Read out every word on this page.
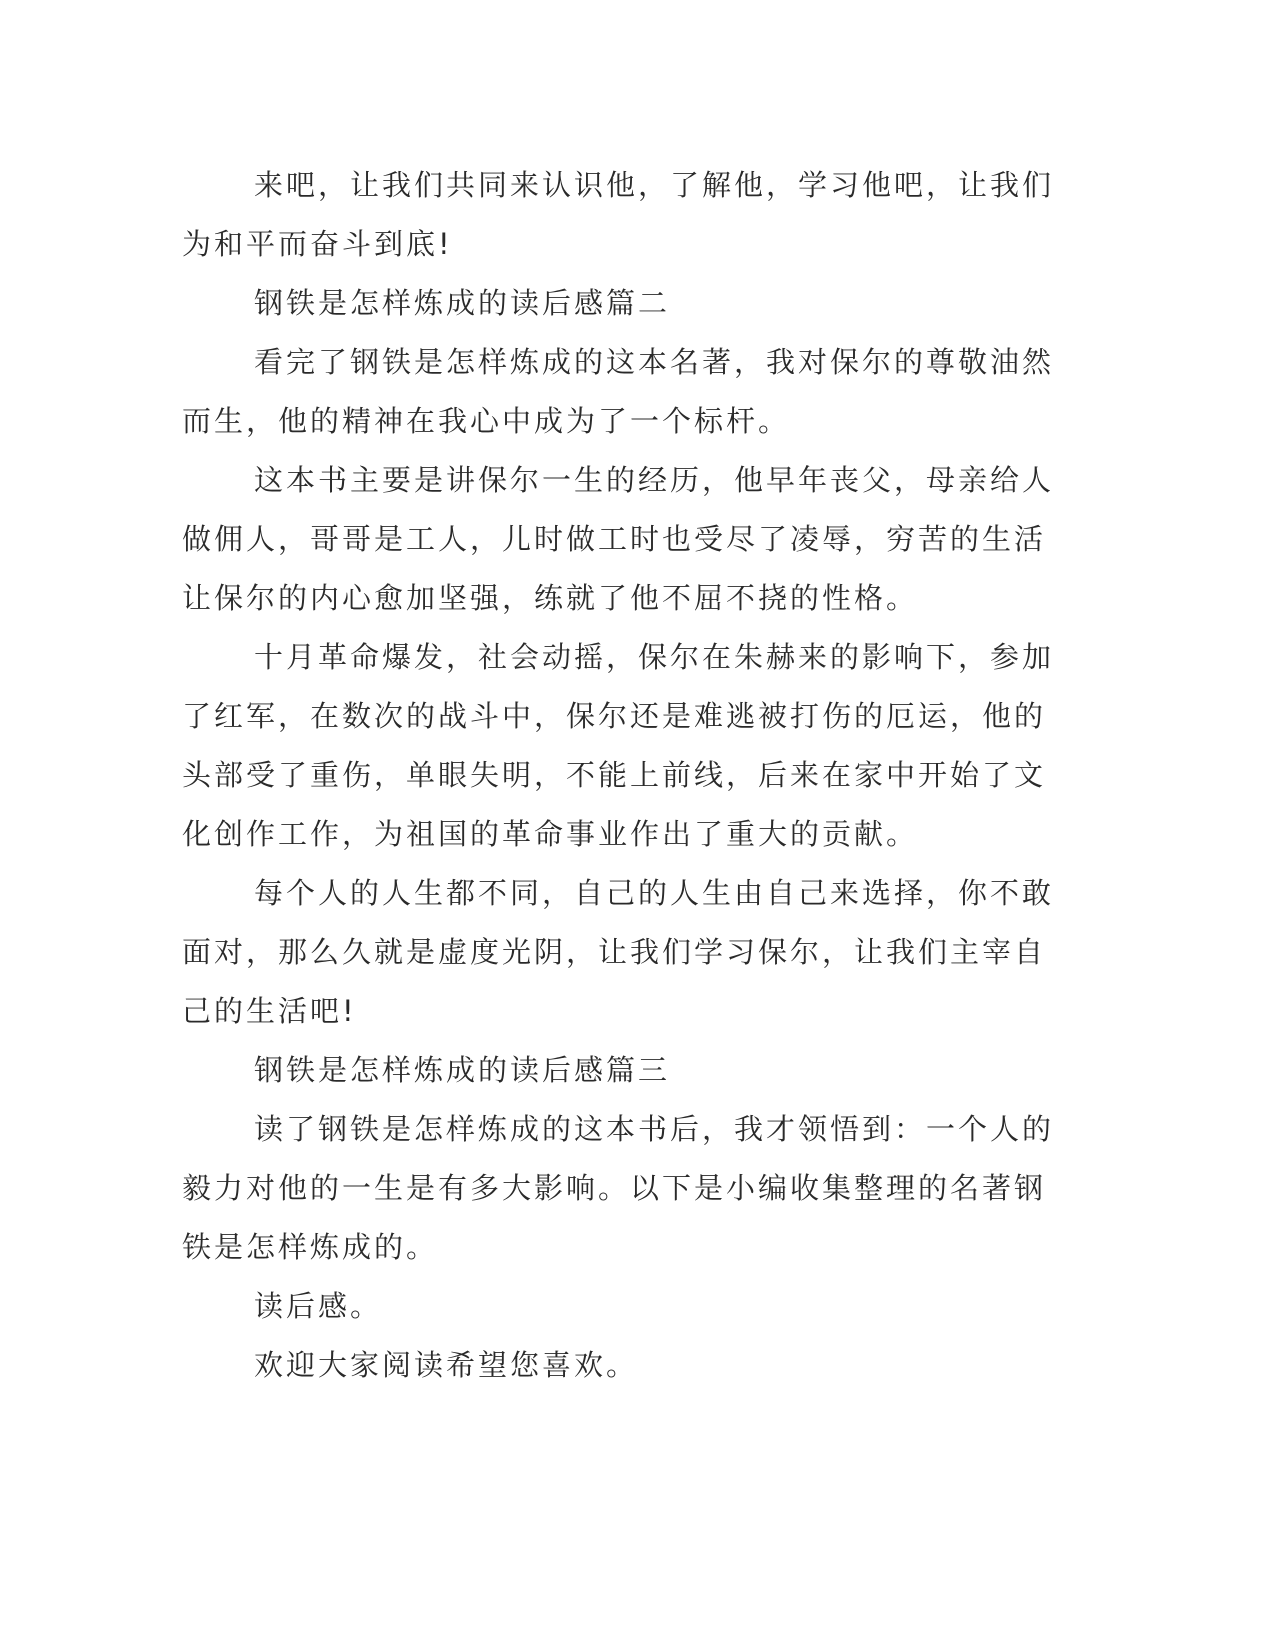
来吧，让我们共同来认识他，了解他，学习他吧，让我们为和平而奋斗到底!

钢铁是怎样炼成的读后感篇二

看完了钢铁是怎样炼成的这本名著，我对保尔的尊敬油然而生，他的精神在我心中成为了一个标杆。

这本书主要是讲保尔一生的经历，他早年丧父，母亲给人做佣人，哥哥是工人，儿时做工时也受尽了凌辱，穷苦的生活让保尔的内心愈加坚强，练就了他不屈不挠的性格。

十月革命爆发，社会动摇，保尔在朱赫来的影响下，参加了红军，在数次的战斗中，保尔还是难逃被打伤的厄运，他的头部受了重伤，单眼失明，不能上前线，后来在家中开始了文化创作工作，为祖国的革命事业作出了重大的贡献。

每个人的人生都不同，自己的人生由自己来选择，你不敢面对，那么久就是虚度光阴，让我们学习保尔，让我们主宰自己的生活吧!

钢铁是怎样炼成的读后感篇三

读了钢铁是怎样炼成的这本书后，我才领悟到：一个人的毅力对他的一生是有多大影响。以下是小编收集整理的名著钢铁是怎样炼成的。

读后感。

欢迎大家阅读希望您喜欢。
